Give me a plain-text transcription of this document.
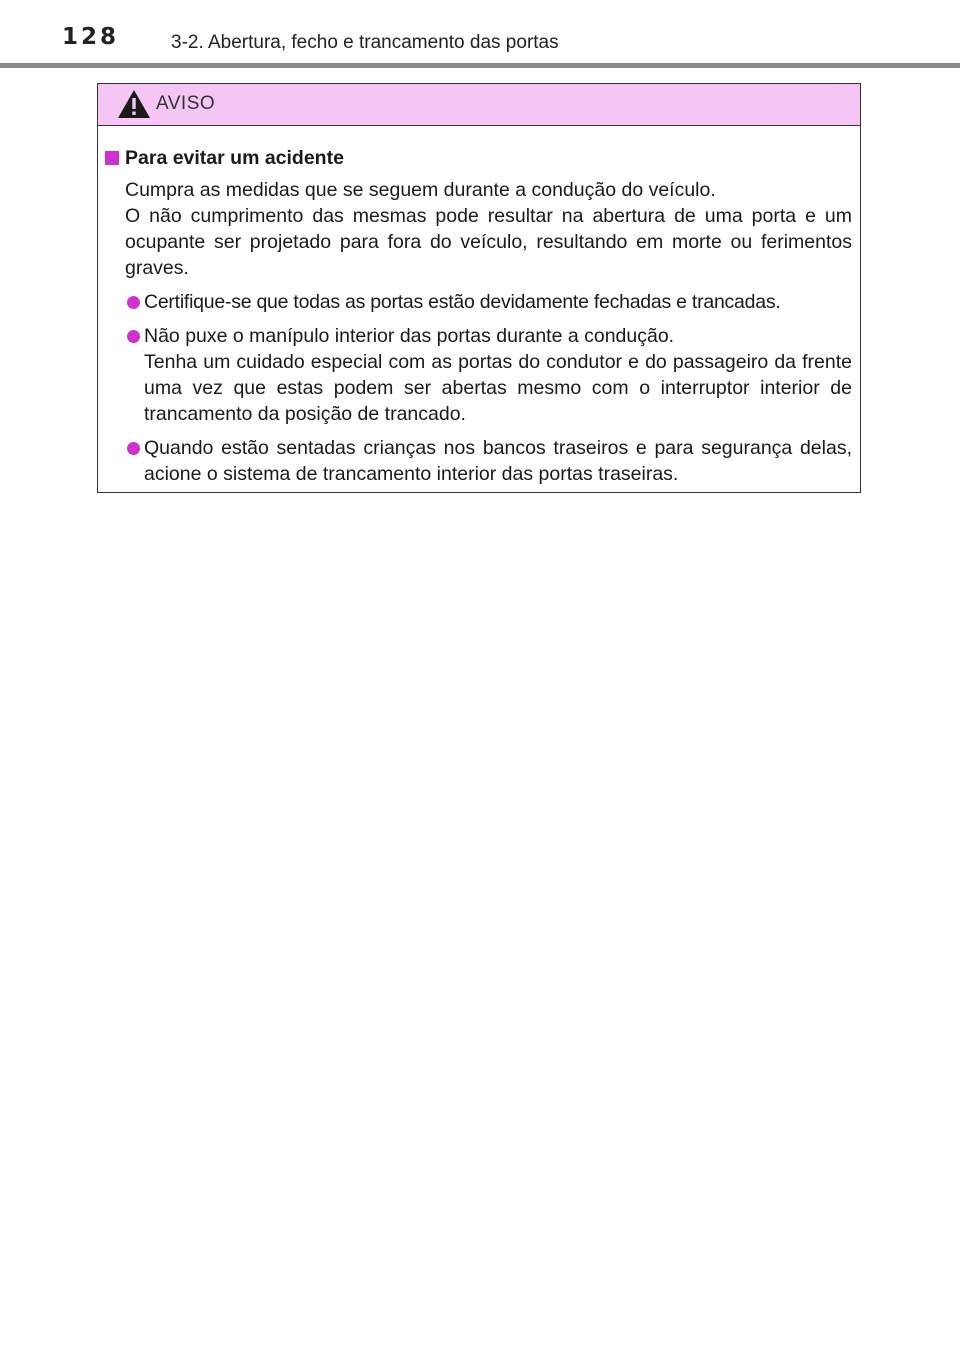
128	3-2. Abertura, fecho e trancamento das portas
AVISO
Para evitar um acidente

Cumpra as medidas que se seguem durante a condução do veículo.

O não cumprimento das mesmas pode resultar na abertura de uma porta e um ocupante ser projetado para fora do veículo, resultando em morte ou ferimentos graves.

Certifique-se que todas as portas estão devidamente fechadas e trancadas.

Não puxe o manípulo interior das portas durante a condução.

Tenha um cuidado especial com as portas do condutor e do passageiro da frente uma vez que estas podem ser abertas mesmo com o interruptor interior de trancamento da posição de trancado.

Quando estão sentadas crianças nos bancos traseiros e para segurança delas, acione o sistema de trancamento interior das portas traseiras.
